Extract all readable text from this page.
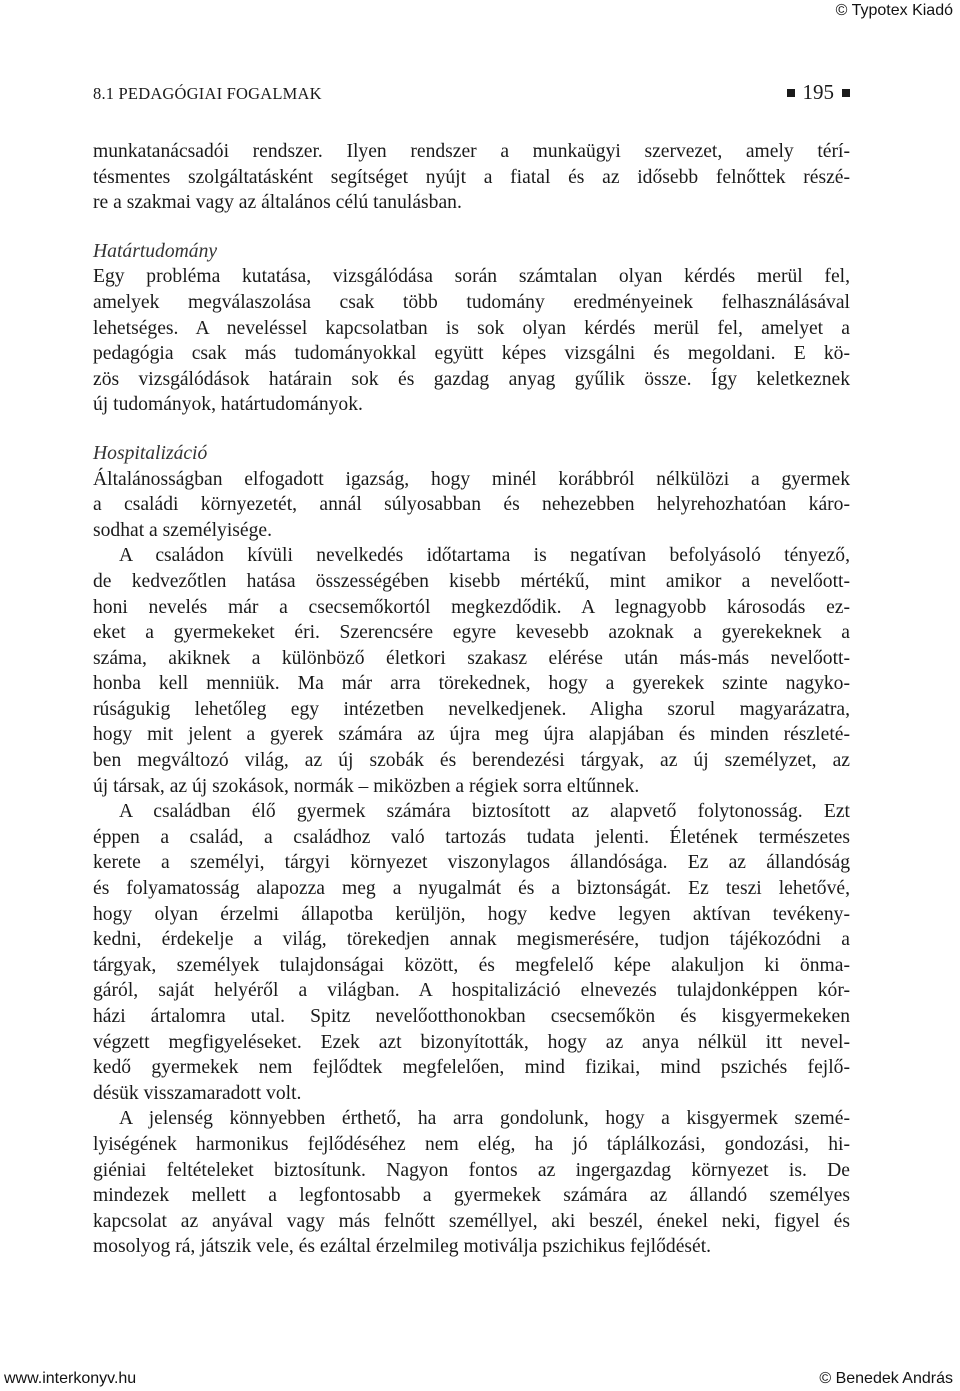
© Typotex Kiadó
8.1 PEDAGÓGIAI FOGALMAK	195
munkatanácsadói rendszer. Ilyen rendszer a munkaügyi szervezet, amely térí-
tésmentes szolgáltatásként segítséget nyújt a fiatal és az idősebb felnőttek részé-
re a szakmai vagy az általános célú tanulásban.
Határtudomány
Egy probléma kutatása, vizsgálódása során számtalan olyan kérdés merül fel,
amelyek megválaszolása csak több tudomány eredményeinek felhasználásával
lehetséges. A neveléssel kapcsolatban is sok olyan kérdés merül fel, amelyet a
pedagógia csak más tudományokkal együtt képes vizsgálni és megoldani. E kö-
zös vizsgálódások határain sok és gazdag anyag gyűlik össze. Így keletkeznek
új tudományok, határtudományok.
Hospitalizáció
Általánosságban elfogadott igazság, hogy minél korábbról nélkülözi a gyermek
a családi környezetét, annál súlyosabban és nehezebben helyrehozhatóan káro-
sodhat a személyisége.
A családon kívüli nevelkedés időtartama is negatívan befolyásoló tényező,
de kedvezőtlen hatása összességében kisebb mértékű, mint amikor a nevelőott-
honi nevelés már a csecsemőkortól megkezdődik. A legnagyobb károsodás ez-
eket a gyermekeket éri. Szerencsére egyre kevesebb azoknak a gyerekeknek a
száma, akiknek a különböző életkori szakasz elérése után más-más nevelőott-
honba kell menniük. Ma már arra törekednek, hogy a gyerekek szinte nagyko-
rúságukig lehetőleg egy intézetben nevelkedjenek. Aligha szorul magyarázatra,
hogy mit jelent a gyerek számára az újra meg újra alapjában és minden részleté-
ben megváltozó világ, az új szobák és berendezési tárgyak, az új személyzet, az
új társak, az új szokások, normák – miközben a régiek sorra eltűnnek.
A családban élő gyermek számára biztosított az alapvető folytonosság. Ezt
éppen a család, a családhoz való tartozás tudata jelenti. Életének természetes
kerete a személyi, tárgyi környezet viszonylagos állandósága. Ez az állandóság
és folyamatosság alapozza meg a nyugalmát és a biztonságát. Ez teszi lehetővé,
hogy olyan érzelmi állapotba kerüljön, hogy kedve legyen aktívan tevékeny-
kedni, érdekelje a világ, törekedjen annak megismerésére, tudjon tájékozódni a
tárgyak, személyek tulajdonságai között, és megfelelő képe alakuljon ki önma-
gáról, saját helyéről a világban. A hospitalizáció elnevezés tulajdonképpen kór-
házi ártalomra utal. Spitz nevelőotthonokban csecsemőkön és kisgyermekeken
végzett megfigyeléseket. Ezek azt bizonyították, hogy az anya nélkül itt nevel-
kedő gyermekek nem fejlődtek megfelelően, mind fizikai, mind pszichés fejlő-
désük visszamaradott volt.
A jelenség könnyebben érthető, ha arra gondolunk, hogy a kisgyermek szemé-
lyiségének harmonikus fejlődéséhez nem elég, ha jó táplálkozási, gondozási, hi-
giéniai feltételeket biztosítunk. Nagyon fontos az ingergazdag környezet is. De
mindezek mellett a legfontosabb a gyermekek számára az állandó személyes
kapcsolat az anyával vagy más felnőtt személlyel, aki beszél, énekel neki, figyel és
mosolyog rá, játszik vele, és ezáltal érzelmileg motiválja pszichikus fejlődését.
www.interkonyv.hu	© Benedek András
